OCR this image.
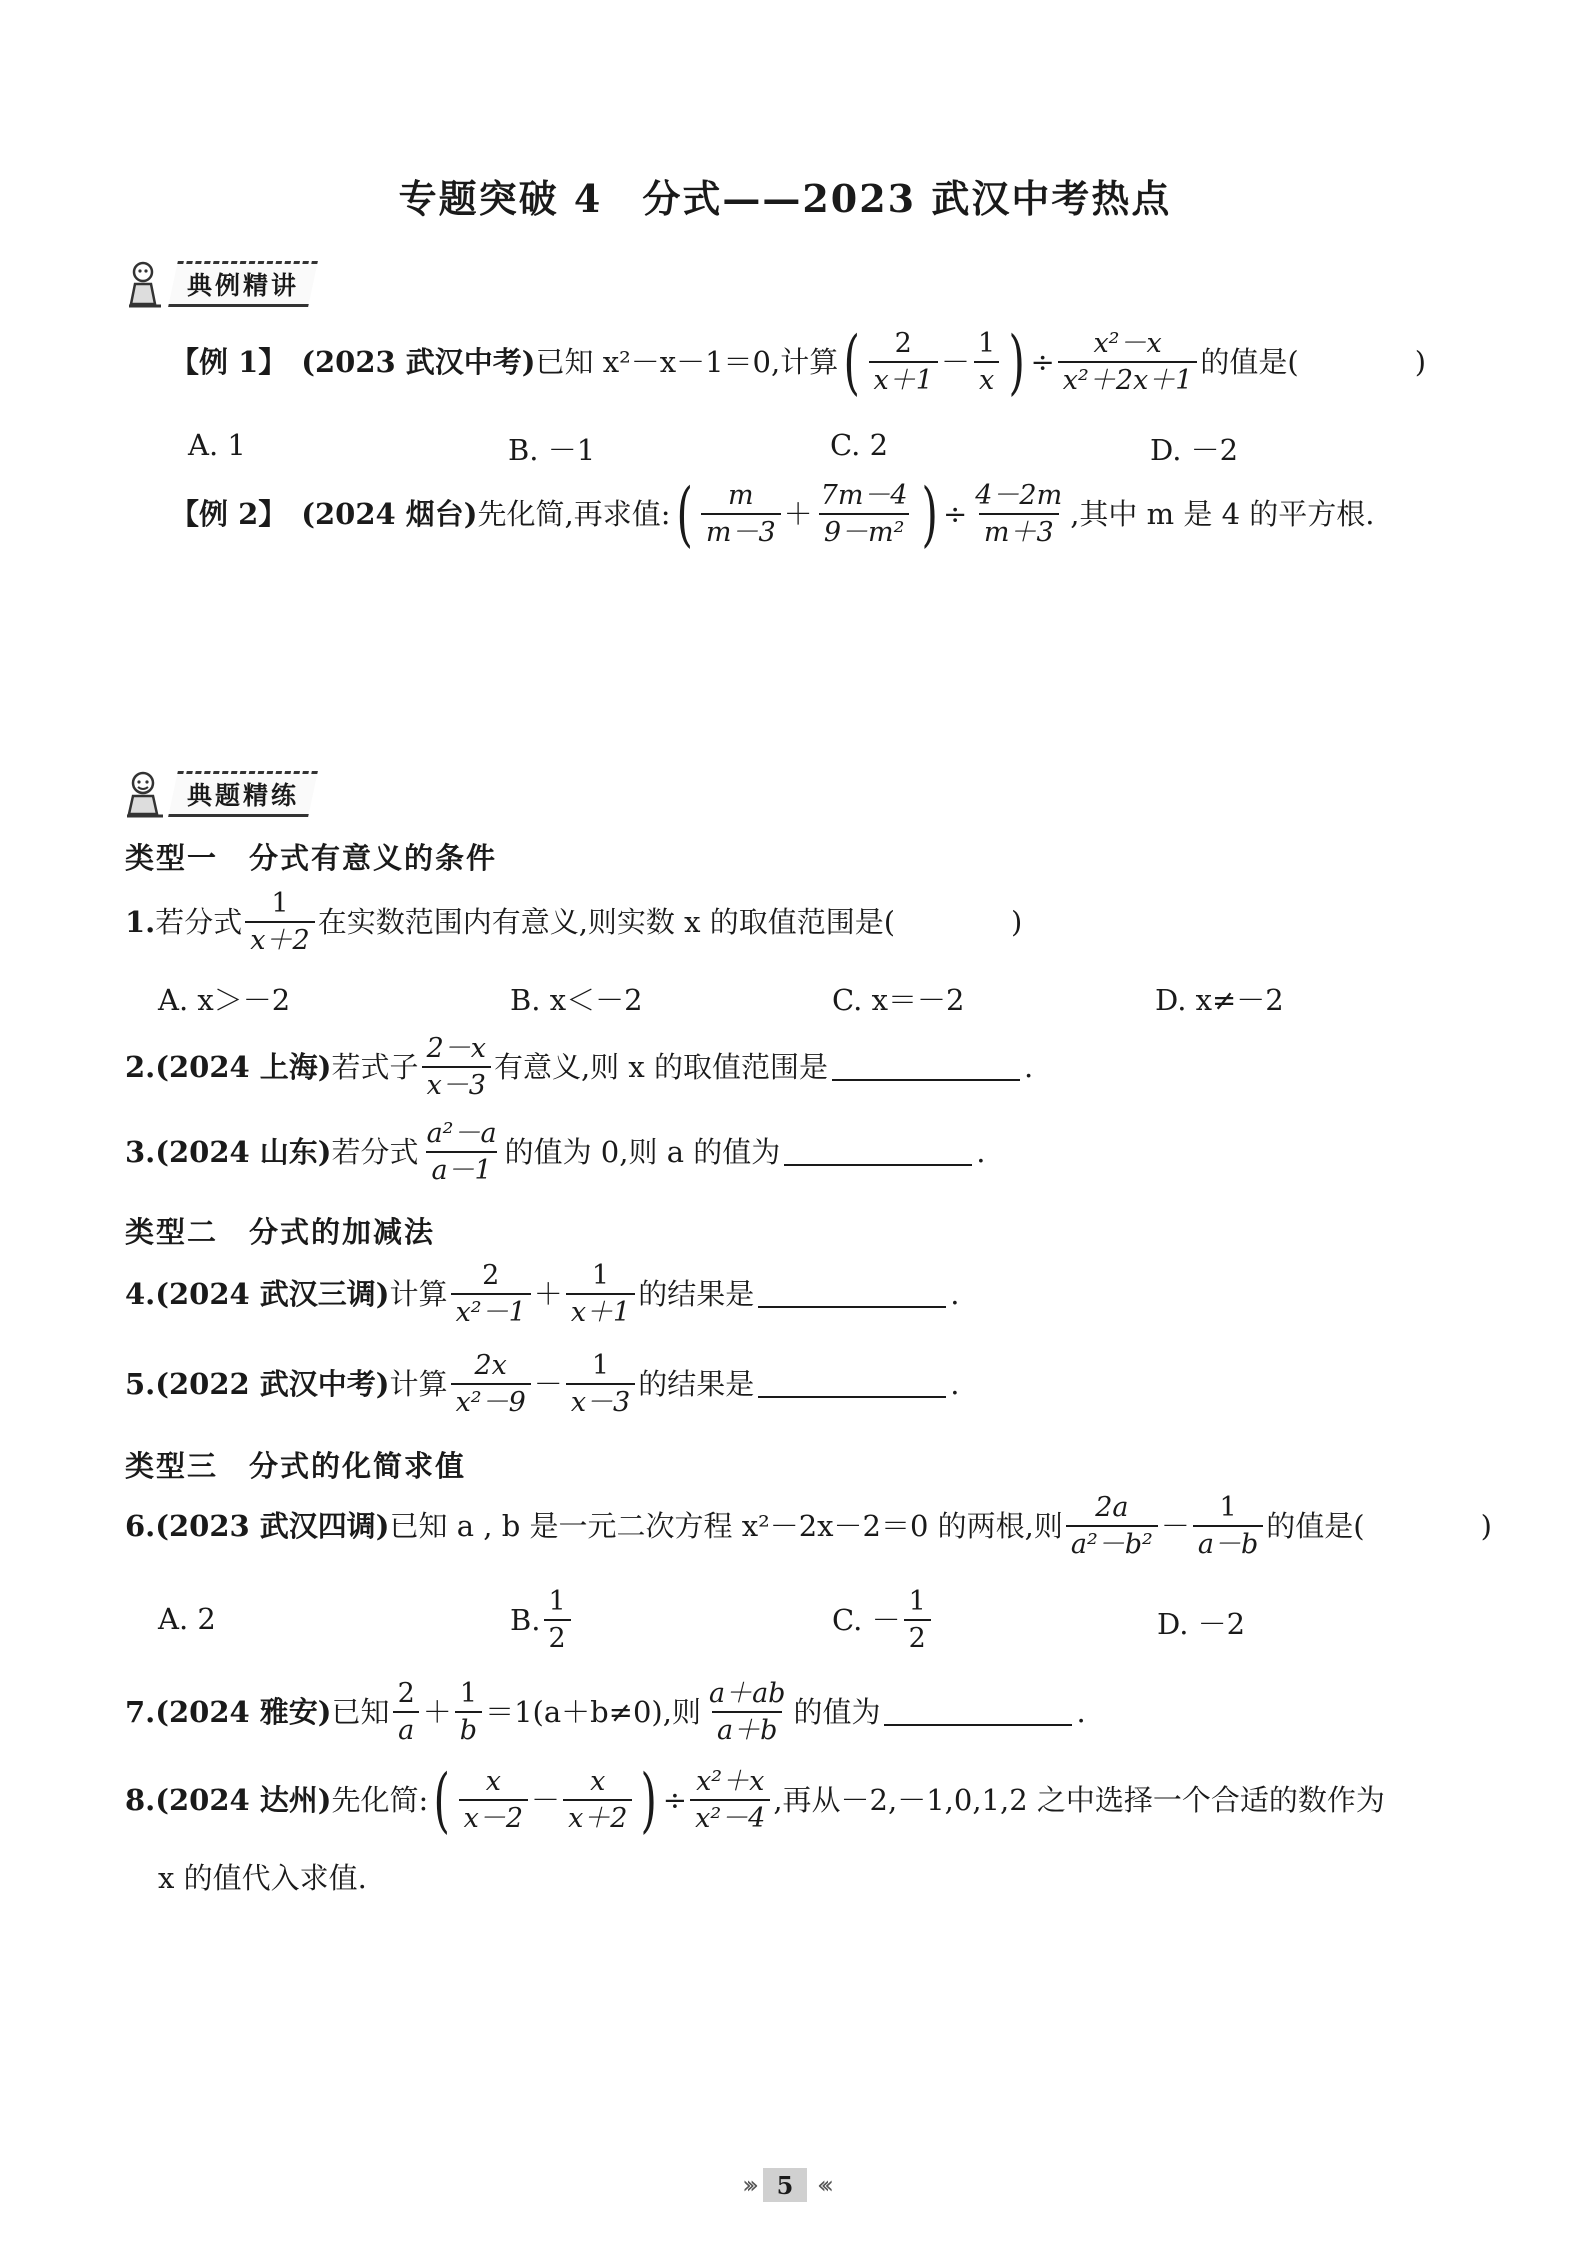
专题突破 4　分式——2023 武汉中考热点
典例精讲
【例 1】 (2023 武汉中考) 已知 x²－x－1＝0,计算 ( $\frac{2}{x+1} - \frac{1}{x}$ ) ÷ $\frac{\text{x²－x}}{\text{x²＋2x＋1}}$ 的值是(　　　　)
A. 1	B. －1	C. 2	D. －2
【例 2】 (2024 烟台) 先化简,再求值: ( $\frac{m}{m-3} + \frac{7m-4}{\text{9－m²}}$ ) ÷ $\frac{4-2m}{m+3}$ ,其中 m 是 4 的平方根.
典题精练
类型一　分式有意义的条件
1. 若分式 $\frac{1}{x+2}$ 在实数范围内有意义,则实数 x 的取值范围是(　　　　)
A. x＞－2	B. x＜－2	C. x＝－2	D. x≠－2
2. (2024 上海) 若式子 $\frac{2-x}{x-3}$ 有意义,则 x 的取值范围是	.
3. (2024 山东) 若分式 $\frac{\text{a²－a}}{a-1}$ 的值为 0,则 a 的值为	.
类型二　分式的加减法
4. (2024 武汉三调) 计算 $\frac{2}{\text{x²－1}} + \frac{1}{x+1}$ 的结果是	.
5. (2022 武汉中考) 计算 $\frac{2x}{\text{x²－9}} - \frac{1}{x-3}$ 的结果是	.
类型三　分式的化简求值
6. (2023 武汉四调) 已知 a , b 是一元二次方程 x²－2x－2＝0 的两根,则 $\frac{2a}{\text{a²－b²}} - \frac{1}{a-b}$ 的值是(　　　　)
A. 2	B. $\frac{1}{2}$	C. － $\frac{1}{2}$	D. －2
7. (2024 雅安) 已知 $\frac{2}{a} + \frac{1}{b} =1(a+b\ne 0)$,则 $\frac{a+ab}{a+b}$ 的值为	.
8. (2024 达州) 先化简: ( $\frac{x}{x-2} - \frac{x}{x+2}$ ) ÷ $\frac{\text{x²＋x}}{\text{x²－4}}$ ,再从－2,－1,0,1,2 之中选择一个合适的数作为
x 的值代入求值.
››› 5 ‹‹‹
